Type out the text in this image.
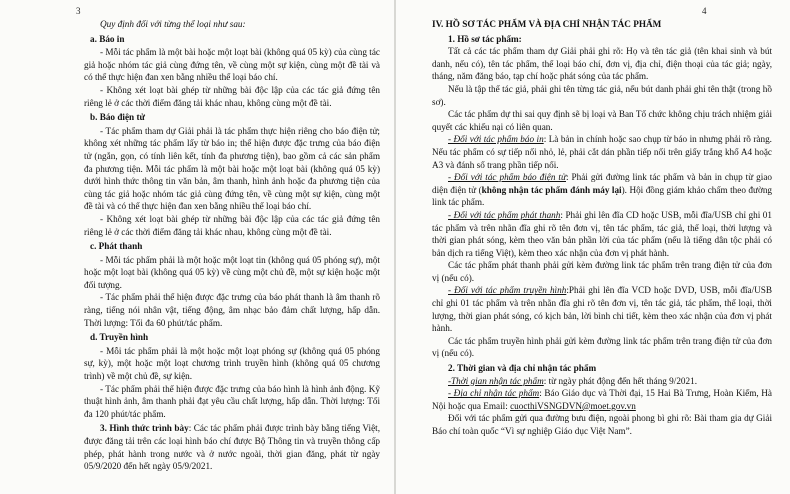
3

Quy định đối với từng thể loại như sau:

a. Báo in

- Mỗi tác phẩm là một bài hoặc một loạt bài (không quá 05 kỳ) của cùng tác giả hoặc nhóm tác giả cùng đứng tên, về cùng một sự kiện, cùng một đề tài và có thể thực hiện đan xen bằng nhiều thể loại báo chí.

- Không xét loạt bài ghép từ những bài độc lập của các tác giả đứng tên riêng lẻ ở các thời điểm đăng tải khác nhau, không cùng một đề tài.

b. Báo điện tử

- Tác phẩm tham dự Giải phải là tác phẩm thực hiện riêng cho báo điện tử; không xét những tác phẩm lấy từ báo in; thể hiện được đặc trưng của báo điện tử (ngắn, gọn, có tính liên kết, tính đa phương tiện), bao gồm cả các sản phẩm đa phương tiện. Mỗi tác phẩm là một bài hoặc một loạt bài (không quá 05 kỳ) dưới hình thức thông tin văn bản, âm thanh, hình ảnh hoặc đa phương tiện của cùng tác giả hoặc nhóm tác giả cùng đứng tên, về cùng một sự kiện, cùng một đề tài và có thể thực hiện đan xen bằng nhiều thể loại báo chí.

- Không xét loạt bài ghép từ những bài độc lập của các tác giả đứng tên riêng lẻ ở các thời điểm đăng tải khác nhau, không cùng một đề tài.

c. Phát thanh

- Mỗi tác phẩm phải là một hoặc một loạt tin (không quá 05 phóng sự), một hoặc một loạt bài (không quá 05 kỳ) về cùng một chủ đề, một sự kiện hoặc một đối tượng.

- Tác phẩm phải thể hiện được đặc trưng của báo phát thanh là âm thanh rõ ràng, tiếng nói nhân vật, tiếng động, âm nhạc bảo đảm chất lượng, hấp dẫn. Thời lượng: Tối đa 60 phút/tác phẩm.

d. Truyền hình

- Mỗi tác phẩm phải là một hoặc một loạt phóng sự (không quá 05 phóng sự, kỳ), một hoặc một loạt chương trình truyền hình (không quá 05 chương trình) về một chủ đề, sự kiện.

- Tác phẩm phải thể hiện được đặc trưng của báo hình là hình ảnh động. Kỹ thuật hình ảnh, âm thanh phải đạt yêu cầu chất lượng, hấp dẫn. Thời lượng: Tối đa 120 phút/tác phẩm.

3. Hình thức trình bày: Các tác phẩm phải được trình bày bằng tiếng Việt, được đăng tải trên các loại hình báo chí được Bộ Thông tin và truyền thông cấp phép, phát hành trong nước và ở nước ngoài, thời gian đăng, phát từ ngày 05/9/2020 đến hết ngày 05/9/2021.

4

IV. HỒ SƠ TÁC PHẨM VÀ ĐỊA CHỈ NHẬN TÁC PHẨM

1. Hồ sơ tác phẩm:

Tất cả các tác phẩm tham dự Giải phải ghi rõ: Họ và tên tác giả (tên khai sinh và bút danh, nếu có), tên tác phẩm, thể loại báo chí, đơn vị, địa chỉ, điện thoại của tác giả; ngày, tháng, năm đăng báo, tạp chí hoặc phát sóng của tác phẩm.

Nếu là tập thể tác giả, phải ghi tên từng tác giả, nếu bút danh phải ghi tên thật (trong hồ sơ).

Các tác phẩm dự thi sai quy định sẽ bị loại và Ban Tổ chức không chịu trách nhiệm giải quyết các khiếu nại có liên quan.

- Đối với tác phẩm báo in: Là bản in chính hoặc sao chụp từ báo in nhưng phải rõ ràng. Nếu tác phẩm có sự tiếp nối nhỏ, lẻ, phải cắt dán phần tiếp nối trên giấy trắng khổ A4 hoặc A3 và đánh số trang phần tiếp nối.

- Đối với tác phẩm báo điện tử: Phải gửi đường link tác phẩm và bản in chụp từ giao diện điện tử (không nhận tác phẩm đánh máy lại). Hội đồng giám khảo chấm theo đường link tác phẩm.

- Đối với tác phẩm phát thanh: Phải ghi lên đĩa CD hoặc USB, mỗi đĩa/USB chỉ ghi 01 tác phẩm và trên nhãn đĩa ghi rõ tên đơn vị, tên tác phẩm, tác giả, thể loại, thời lượng và thời gian phát sóng, kèm theo văn bản phần lời của tác phẩm (nếu là tiếng dân tộc phải có bản dịch ra tiếng Việt), kèm theo xác nhận của đơn vị phát hành.

Các tác phẩm phát thanh phải gửi kèm đường link tác phẩm trên trang điện tử của đơn vị (nếu có).

- Đối với tác phẩm truyền hình:Phải ghi lên đĩa VCD hoặc DVD, USB, mỗi đĩa/USB chỉ ghi 01 tác phẩm và trên nhãn đĩa ghi rõ tên đơn vị, tên tác giả, tác phẩm, thể loại, thời lượng, thời gian phát sóng, có kịch bản, lời bình chi tiết, kèm theo xác nhận của đơn vị phát hành.

Các tác phẩm truyền hình phải gửi kèm đường link tác phẩm trên trang điện tử của đơn vị (nếu có).

2. Thời gian và địa chỉ nhận tác phẩm

-Thời gian nhận tác phẩm: từ ngày phát động đến hết tháng 9/2021.

- Địa chỉ nhận tác phẩm: Báo Giáo dục và Thời đại, 15 Hai Bà Trưng, Hoàn Kiếm, Hà Nội hoặc qua Email: cuocthiVSNGDVN@moet.gov.vn

Đối với tác phẩm gửi qua đường bưu điện, ngoài phong bì ghi rõ: Bài tham gia dự Giải Báo chí toàn quốc “Vì sự nghiệp Giáo dục Việt Nam”.
